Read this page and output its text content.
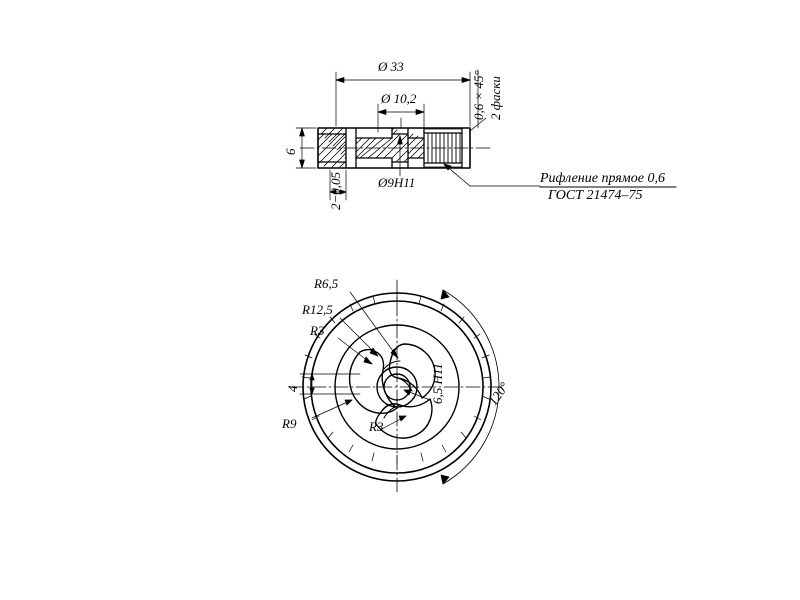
Ø 33
Ø 10,2
Ø9H11
6
2−0,05
0,6 × 45° 2 фаски
Рифление прямое 0,6
ГОСТ 21474–75
R6,5
R12,5
R3
R9	R3
4	6,5 H11	120°
